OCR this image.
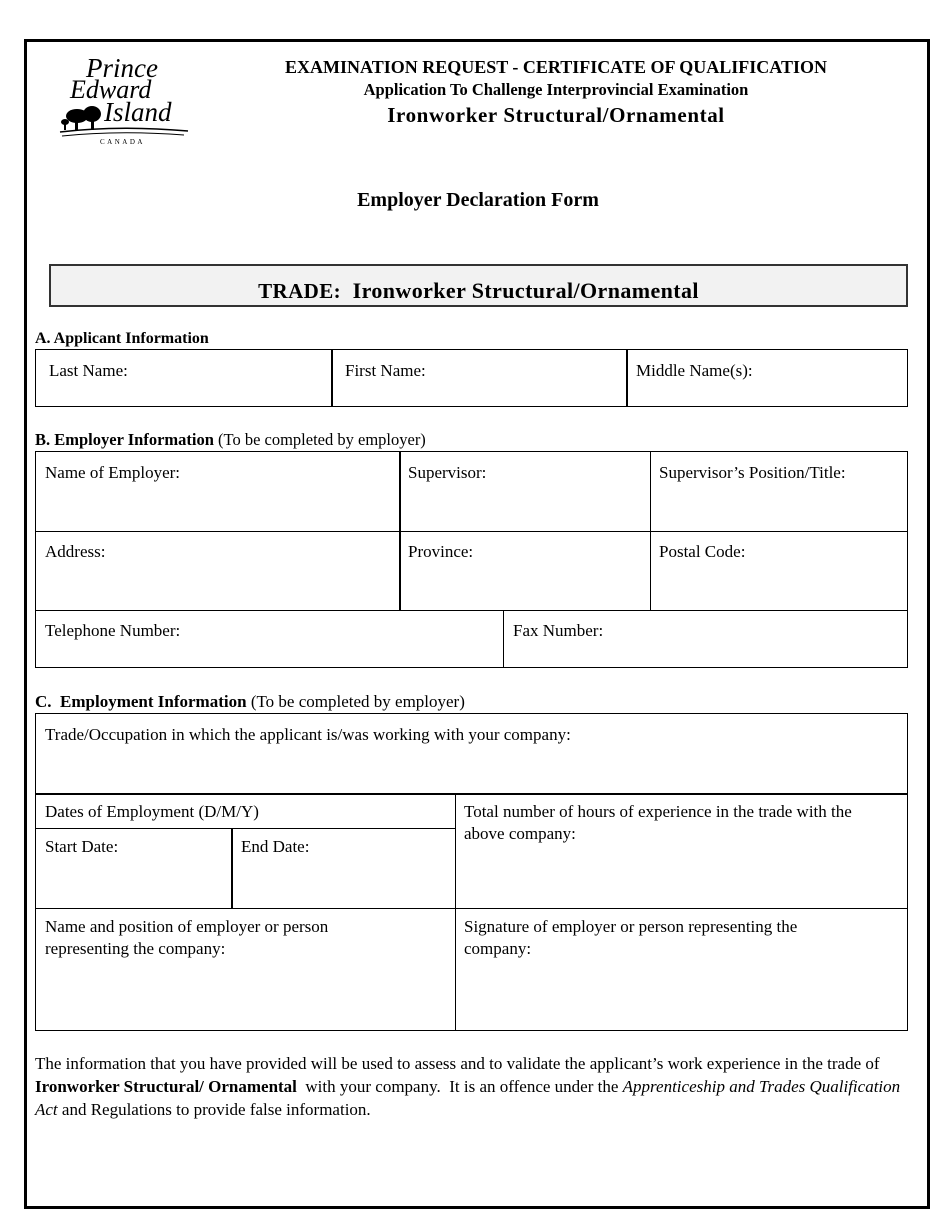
Prince
Edward
Island
CANADA
EXAMINATION REQUEST - CERTIFICATE OF QUALIFICATION
Application To Challenge Interprovincial Examination
Ironworker Structural/Ornamental
Employer Declaration Form
TRADE: Ironworker Structural/Ornamental
A. Applicant Information
Last Name:	First Name:	Middle Name(s):
B. Employer Information (To be completed by employer)
Name of Employer:	Supervisor:	Supervisor’s Position/Title:
Address:	Province:	Postal Code:
Telephone Number:	Fax Number:
C. Employment Information (To be completed by employer)
Trade/Occupation in which the applicant is/was working with your company:
Dates of Employment (D/M/Y)
Start Date:	End Date:
Total number of hours of experience in the trade with the above company:
Name and position of employer or person representing the company:
Signature of employer or person representing the company:
The information that you have provided will be used to assess and to validate the applicant’s work experience in the trade of Ironworker Structural/ Ornamental  with your company.  It is an offence under the Apprenticeship and Trades Qualification Act and Regulations to provide false information.
